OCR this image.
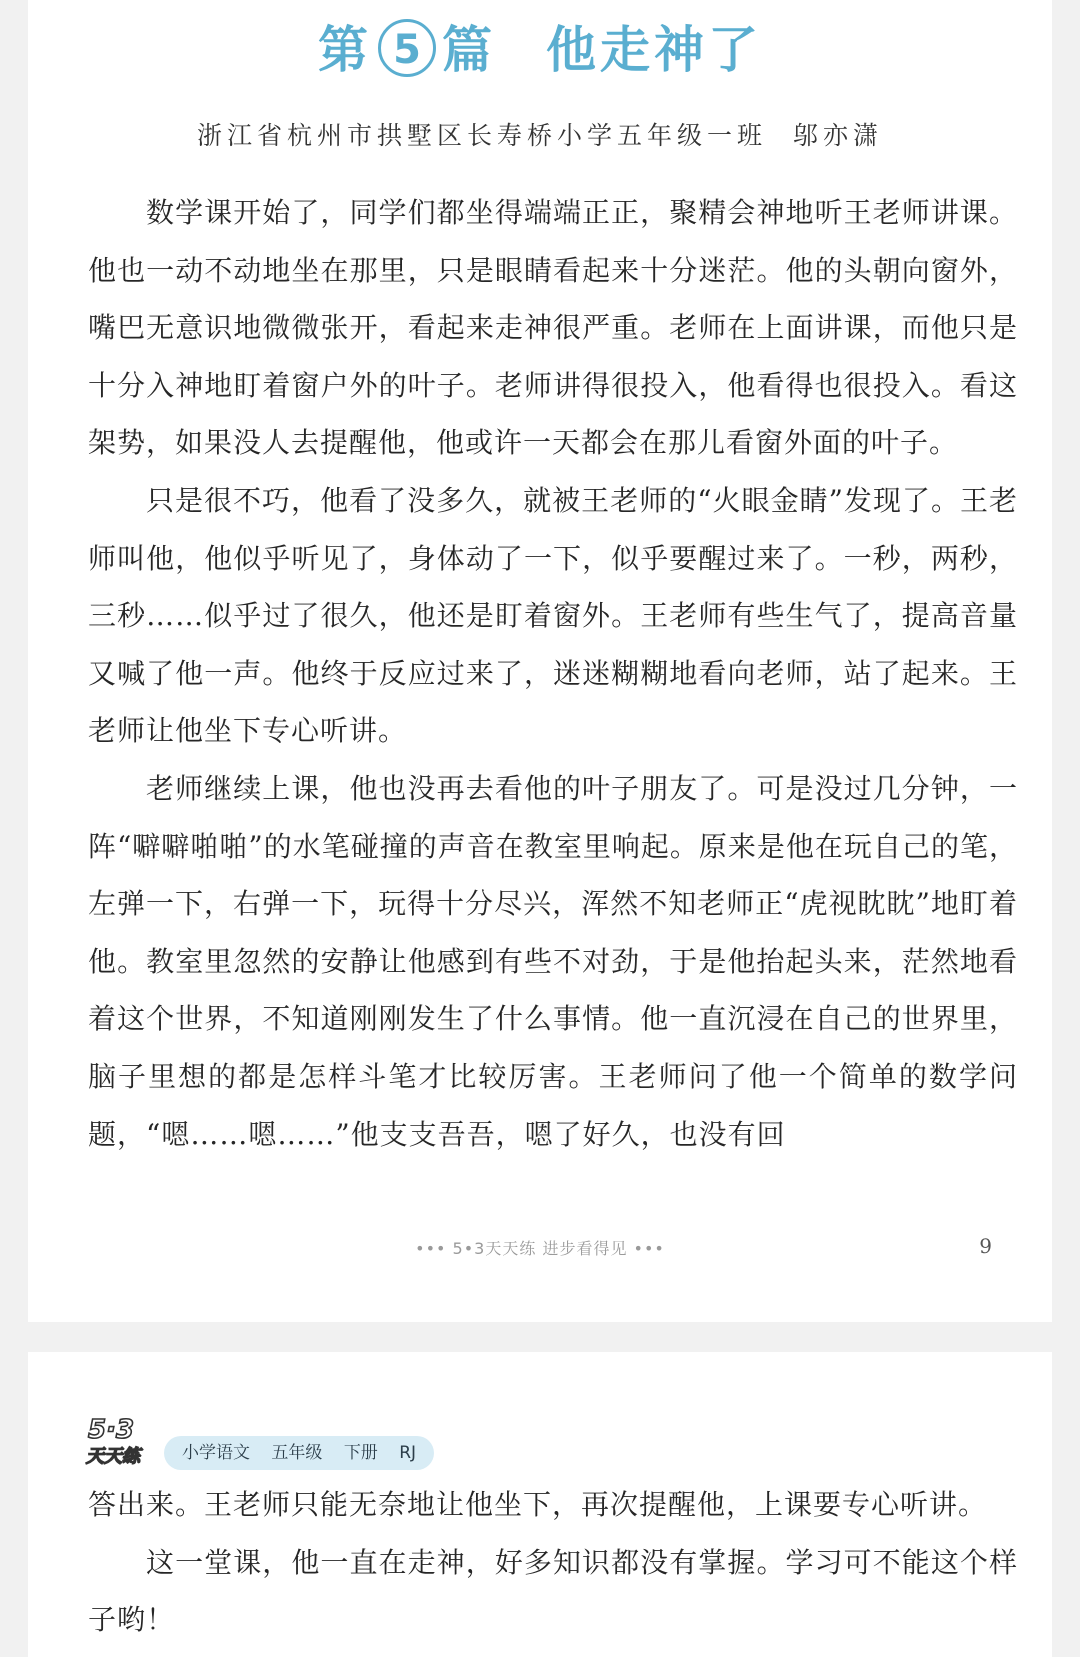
第 5 篇 他走神了
浙江省杭州市拱墅区长寿桥小学五年级一班 邬亦潇

数学课开始了，同学们都坐得端端正正，聚精会神地听王老师讲课。他也一动不动地坐在那里，只是眼睛看起来十分迷茫。他的头朝向窗外，嘴巴无意识地微微张开，看起来走神很严重。老师在上面讲课，而他只是十分入神地盯着窗户外的叶子。老师讲得很投入，他看得也很投入。看这架势，如果没人去提醒他，他或许一天都会在那儿看窗外面的叶子。

只是很不巧，他看了没多久，就被王老师的“火眼金睛”发现了。王老师叫他，他似乎听见了，身体动了一下，似乎要醒过来了。一秒，两秒，三秒……似乎过了很久，他还是盯着窗外。王老师有些生气了，提高音量又喊了他一声。他终于反应过来了，迷迷糊糊地看向老师，站了起来。王老师让他坐下专心听讲。

老师继续上课，他也没再去看他的叶子朋友了。可是没过几分钟，一阵“噼噼啪啪”的水笔碰撞的声音在教室里响起。原来是他在玩自己的笔，左弹一下，右弹一下，玩得十分尽兴，浑然不知老师正“虎视眈眈”地盯着他。教室里忽然的安静让他感到有些不对劲，于是他抬起头来，茫然地看着这个世界，不知道刚刚发生了什么事情。他一直沉浸在自己的世界里，脑子里想的都是怎样斗笔才比较厉害。王老师问了他一个简单的数学问题，“嗯……嗯……”他支支吾吾，嗯了好久，也没有回

••• 5•3天天练 进步看得见 •••	9
5·3
天天练	小学语文 五年级 下册 RJ

答出来。王老师只能无奈地让他坐下，再次提醒他，上课要专心听讲。

这一堂课，他一直在走神，好多知识都没有掌握。学习可不能这个样子哟！
